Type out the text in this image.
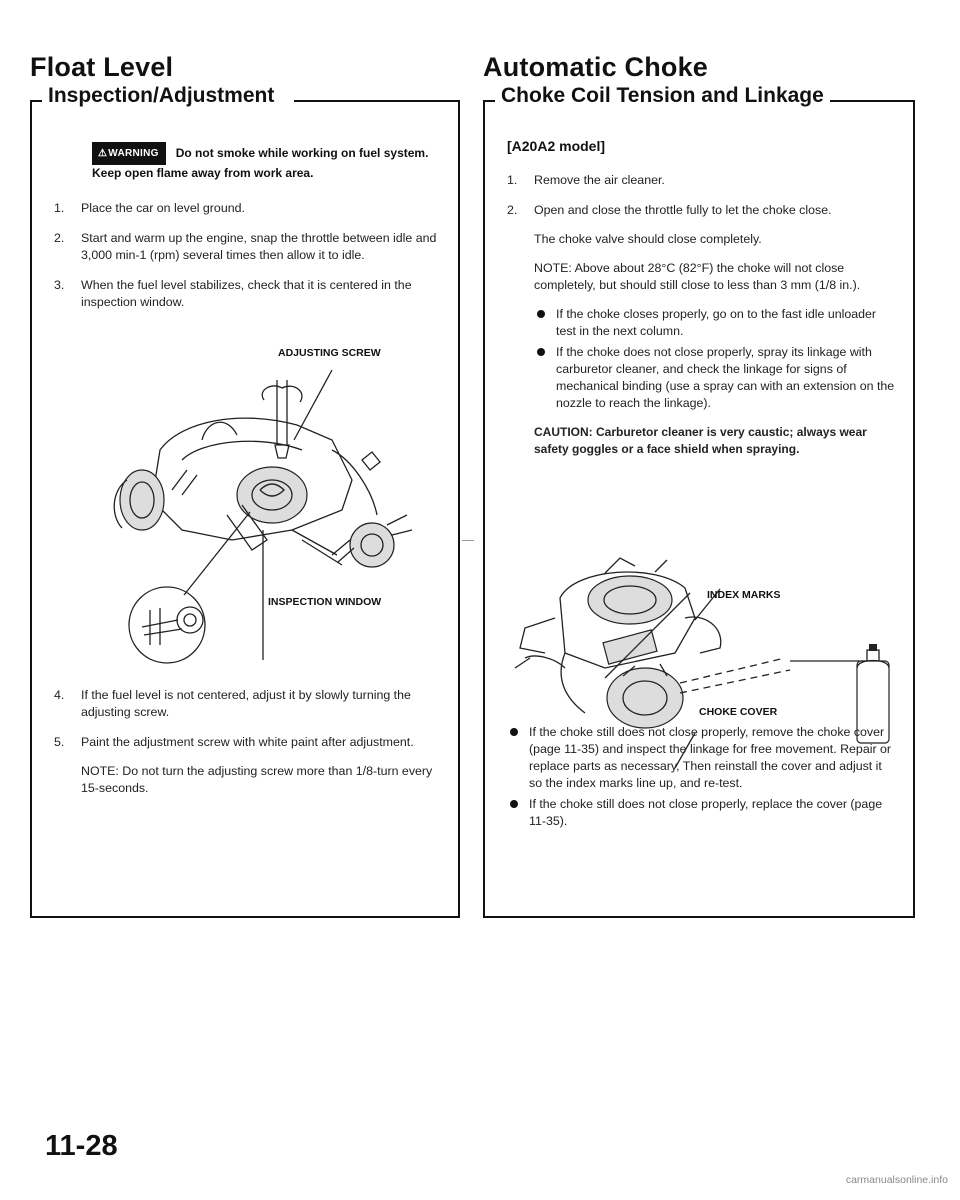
Float Level
Inspection/Adjustment
⚠WARNING Do not smoke while working on fuel system. Keep open flame away from work area.
1. Place the car on level ground.

2. Start and warm up the engine, snap the throttle between idle and 3,000 min-1 (rpm) several times then allow it to idle.

3. When the fuel level stabilizes, check that it is centered in the inspection window.

ADJUSTING SCREW

INSPECTION WINDOW

4. If the fuel level is not centered, adjust it by slowly turning the adjusting screw.

5. Paint the adjustment screw with white paint after adjustment.

NOTE: Do not turn the adjusting screw more than 1/8-turn every 15-seconds.

Automatic Choke
Choke Coil Tension and Linkage

[A20A2 model]

1. Remove the air cleaner.

2. Open and close the throttle fully to let the choke close.

The choke valve should close completely.

NOTE: Above about 28°C (82°F) the choke will not close completely, but should still close to less than 3 mm (1/8 in.).

If the choke closes properly, go on to the fast idle unloader test in the next column.
If the choke does not close properly, spray its linkage with carburetor cleaner, and check the linkage for signs of mechanical binding (use a spray can with an extension on the nozzle to reach the linkage).

CAUTION: Carburetor cleaner is very caustic; always wear safety goggles or a face shield when spraying.

INDEX MARKS

CHOKE COVER

If the choke still does not close properly, remove the choke cover (page 11-35) and inspect the linkage for free movement. Repair or replace parts as necessary, Then reinstall the cover and adjust it so the index marks line up, and re-test.
If the choke still does not close properly, replace the cover (page 11-35).

11-28

carmanualsonline.info
